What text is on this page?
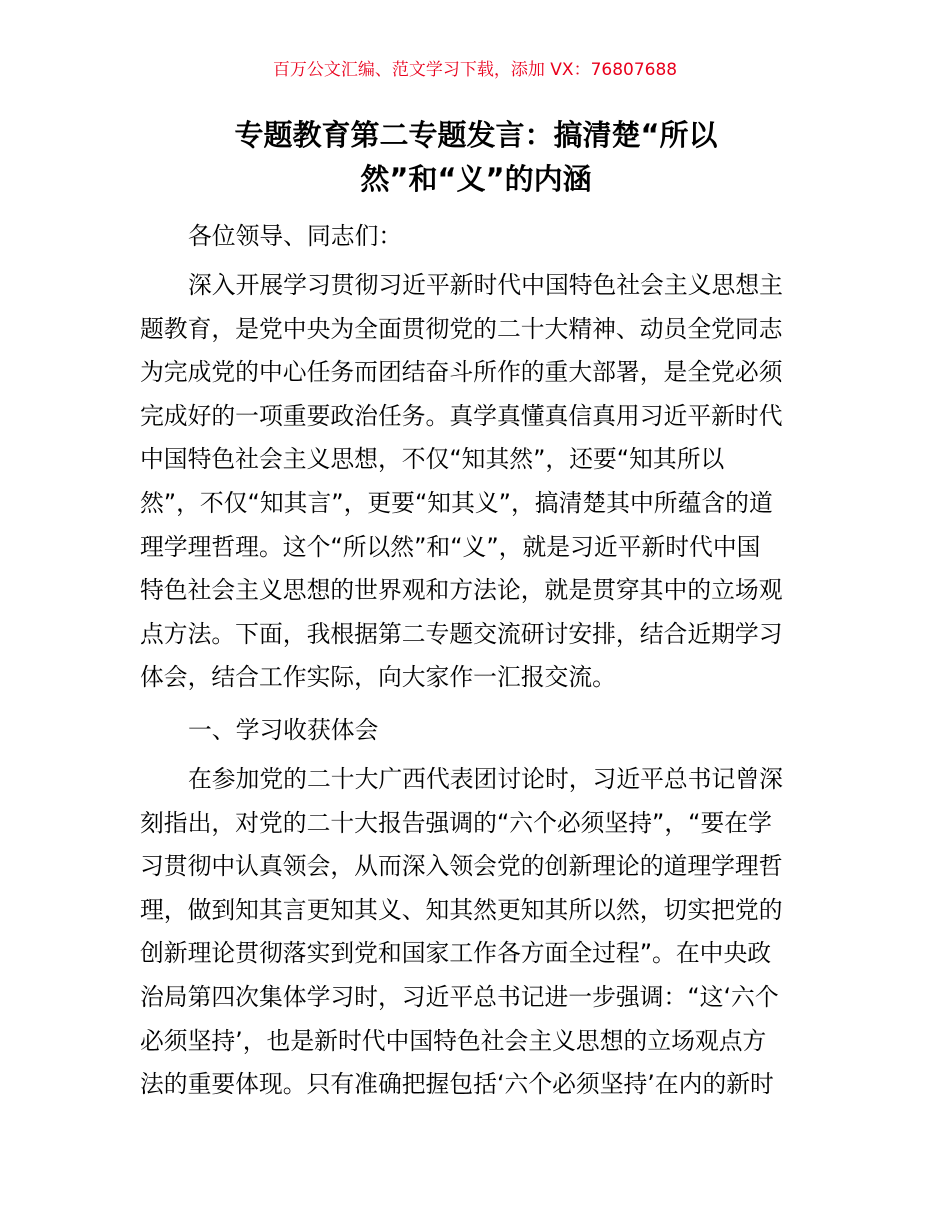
百万公文汇编、范文学习下载，添加 VX：76807688
专题教育第二专题发言：搞清楚“所以
然”和“义”的内涵
各位领导、同志们：
深入开展学习贯彻习近平新时代中国特色社会主义思想主
题教育，是党中央为全面贯彻党的二十大精神、动员全党同志
为完成党的中心任务而团结奋斗所作的重大部署，是全党必须
完成好的一项重要政治任务。真学真懂真信真用习近平新时代
中国特色社会主义思想，不仅“知其然”，还要“知其所以
然”，不仅“知其言”，更要“知其义”，搞清楚其中所蕴含的道
理学理哲理。这个“所以然”和“义”，就是习近平新时代中国
特色社会主义思想的世界观和方法论，就是贯穿其中的立场观
点方法。下面，我根据第二专题交流研讨安排，结合近期学习
体会，结合工作实际，向大家作一汇报交流。
一、学习收获体会
在参加党的二十大广西代表团讨论时，习近平总书记曾深
刻指出，对党的二十大报告强调的“六个必须坚持”，“要在学
习贯彻中认真领会，从而深入领会党的创新理论的道理学理哲
理，做到知其言更知其义、知其然更知其所以然，切实把党的
创新理论贯彻落实到党和国家工作各方面全过程”。在中央政
治局第四次集体学习时，习近平总书记进一步强调：“这‘六个
必须坚持’，也是新时代中国特色社会主义思想的立场观点方
法的重要体现。只有准确把握包括‘六个必须坚持’在内的新时
